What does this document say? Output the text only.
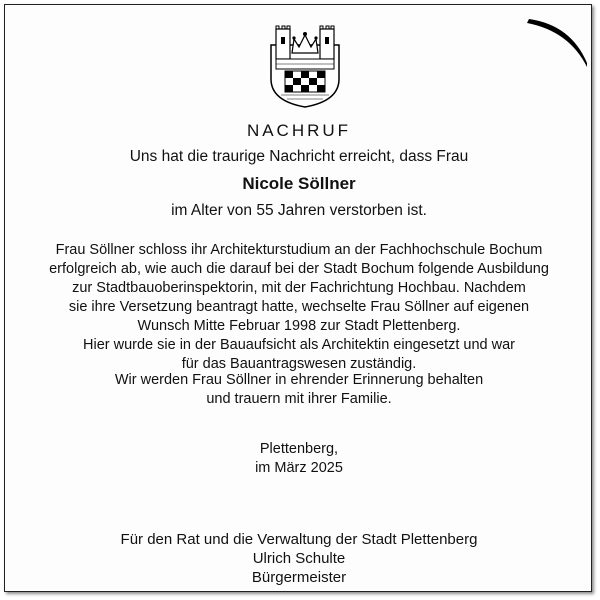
NACHRUF
Uns hat die traurige Nachricht erreicht, dass Frau
Nicole Söllner
im Alter von 55 Jahren verstorben ist.
Frau Söllner schloss ihr Architekturstudium an der Fachhochschule Bochum
erfolgreich ab, wie auch die darauf bei der Stadt Bochum folgende Ausbildung
zur Stadtbauoberinspektorin, mit der Fachrichtung Hochbau. Nachdem
sie ihre Versetzung beantragt hatte, wechselte Frau Söllner auf eigenen
Wunsch Mitte Februar 1998 zur Stadt Plettenberg.
Hier wurde sie in der Bauaufsicht als Architektin eingesetzt und war
für das Bauantragswesen zuständig.
Wir werden Frau Söllner in ehrender Erinnerung behalten
und trauern mit ihrer Familie.
Plettenberg,
im März 2025
Für den Rat und die Verwaltung der Stadt Plettenberg
Ulrich Schulte
Bürgermeister
